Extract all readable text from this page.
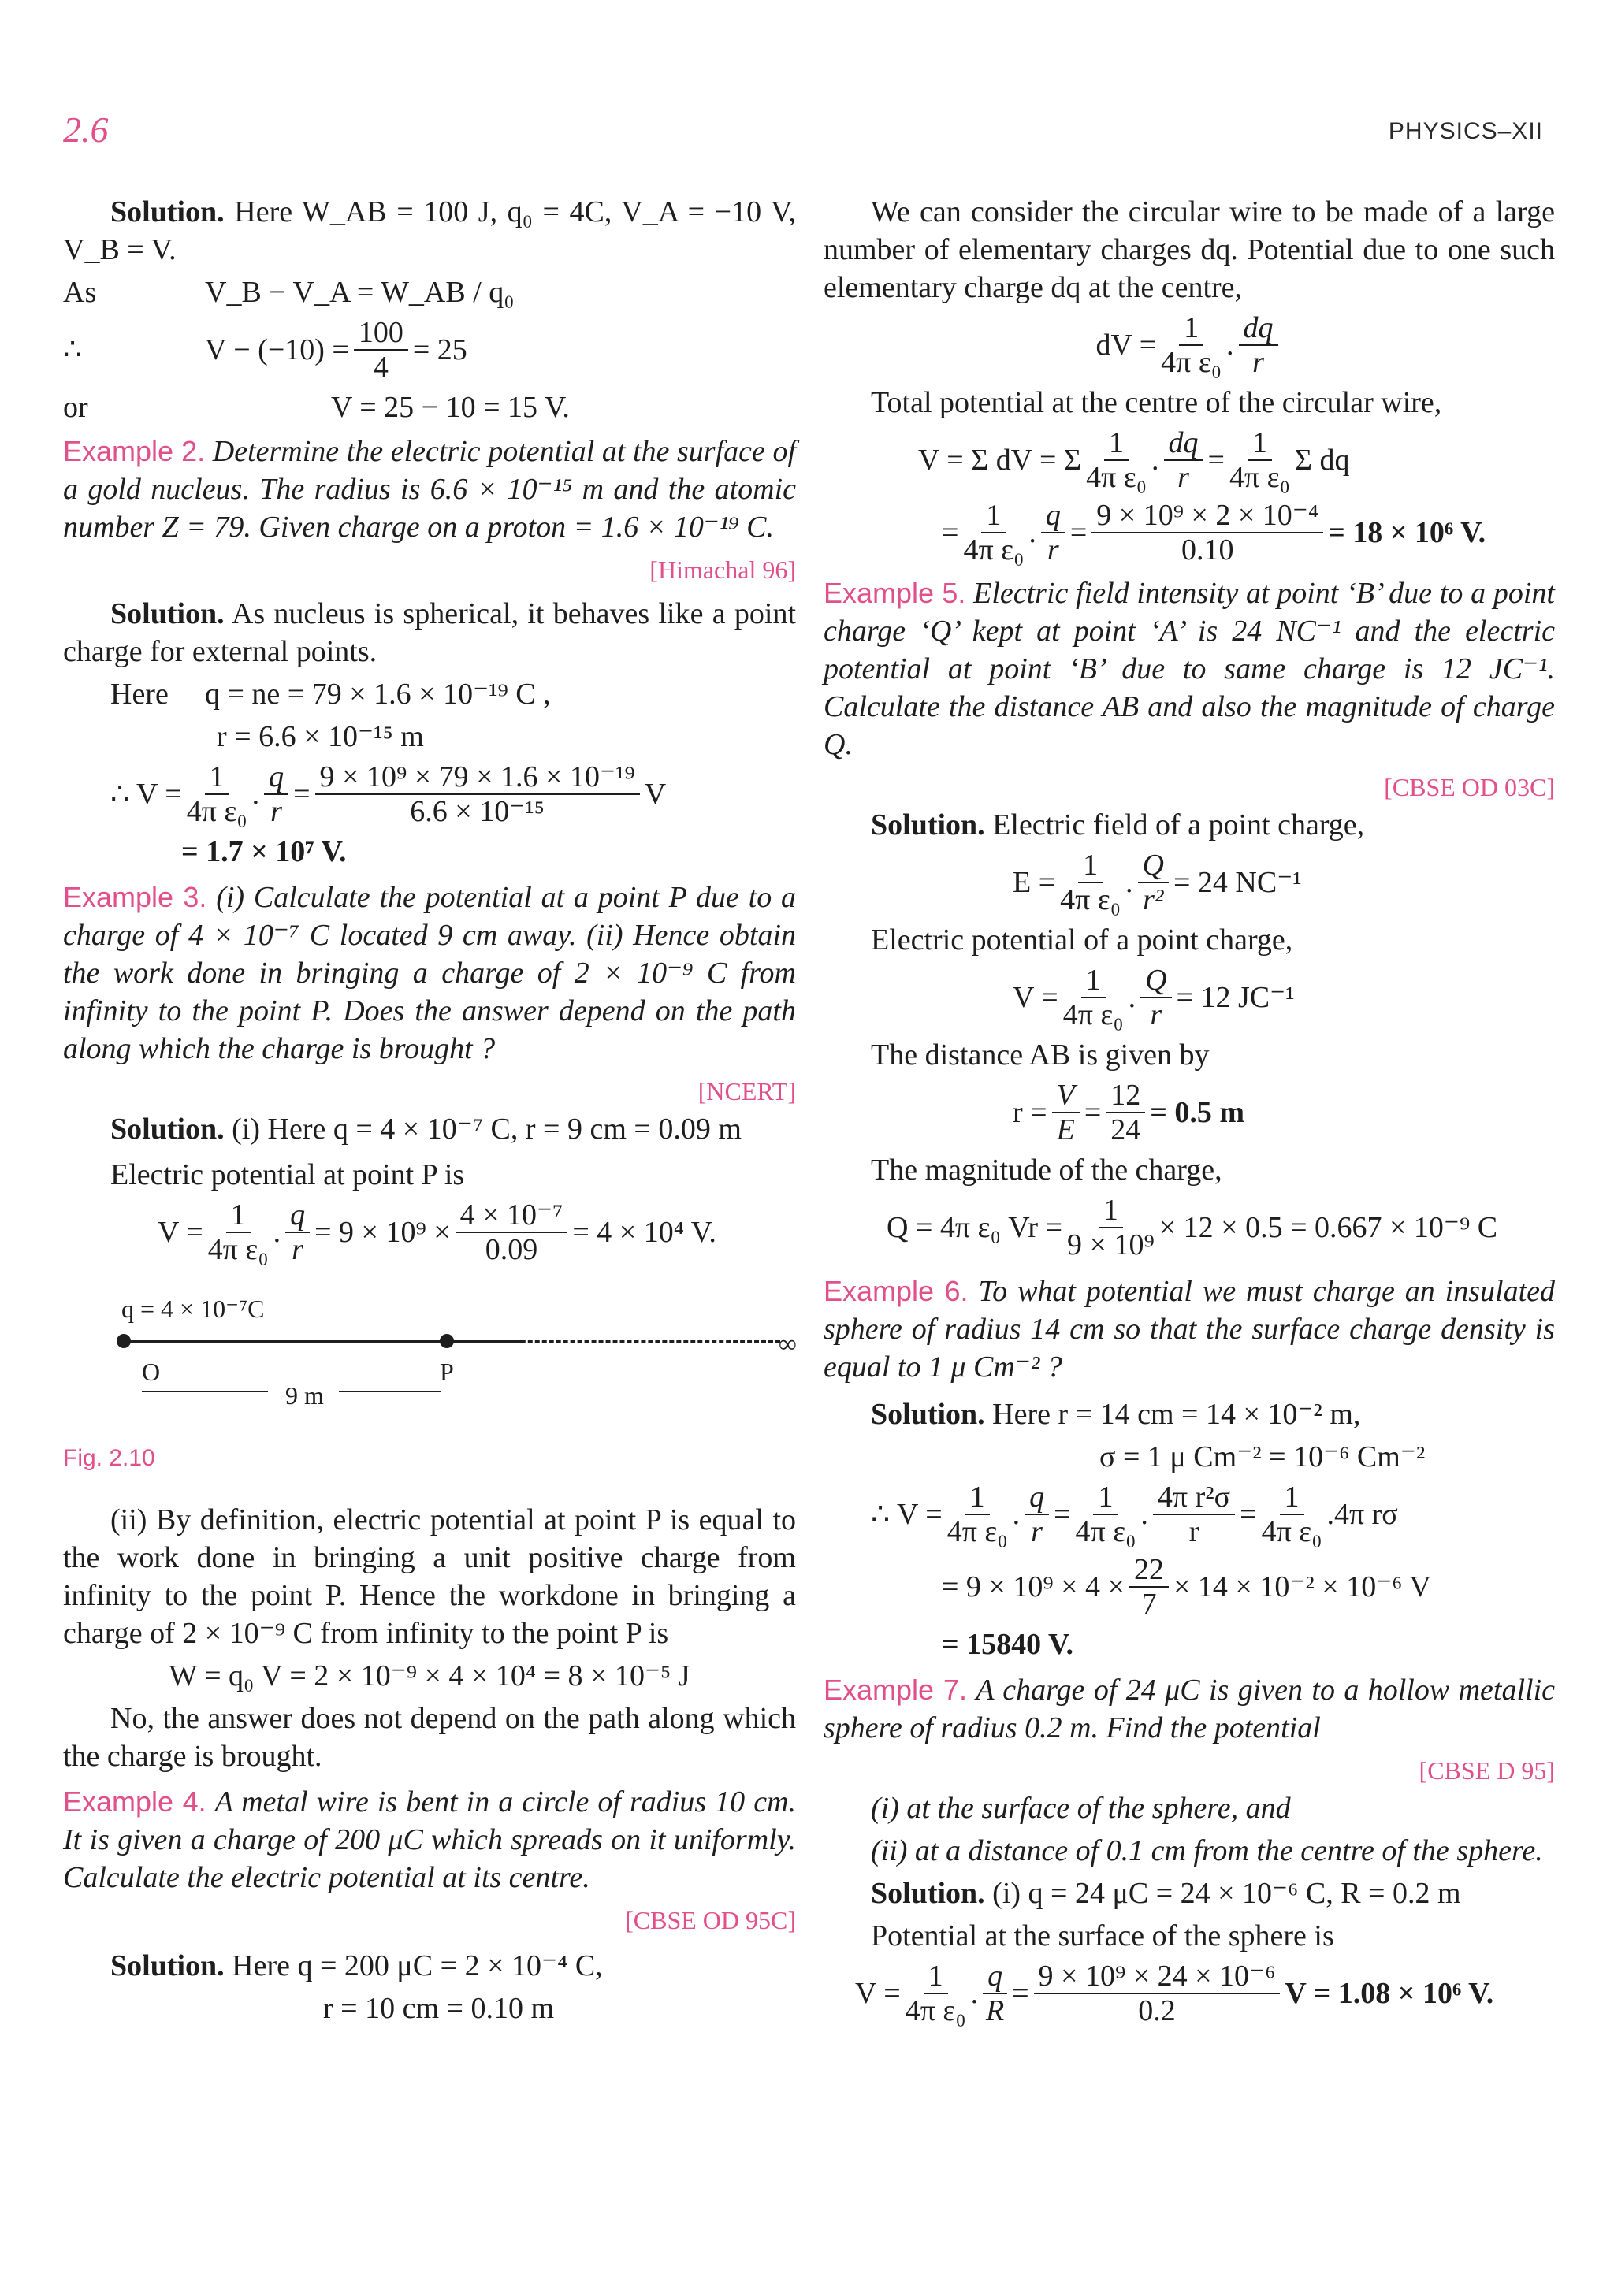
2.6	PHYSICS–XII

Solution. Here W_AB = 100 J, q₀ = 4C, V_A = −10 V, V_B = V.

As	V_B − V_A = W_AB / q₀
∴	$V - (-10) = \frac{100}{4} = 25$
or	V = 25 − 10 = 15 V.

Example 2. Determine the electric potential at the surface of a gold nucleus. The radius is 6.6 × 10⁻¹⁵ m and the atomic number Z = 79. Given charge on a proton = 1.6 × 10⁻¹⁹ C.

[Himachal 96]

Solution. As nucleus is spherical, it behaves like a point charge for external points.

Here	q = ne = 79 × 1.6 × 10⁻¹⁹ C ,
r = 6.6 × 10⁻¹⁵ m
∴ $V = \frac{1}{\text{4π ε₀}}$ . $\frac{q}{r} = \frac{\text{9 × 10⁹ × 79 × 1.6 × 10⁻¹⁹}}{\text{6.6 × 10⁻¹⁵}}$ V
= 1.7 × 10⁷ V.

Example 3. (i) Calculate the potential at a point P due to a charge of 4 × 10⁻⁷ C located 9 cm away. (ii) Hence obtain the work done in bringing a charge of 2 × 10⁻⁹ C from infinity to the point P. Does the answer depend on the path along which the charge is brought ?

[NCERT]

Solution. (i) Here q = 4 × 10⁻⁷ C, r = 9 cm = 0.09 m

Electric potential at point P is

$V = \frac{1}{\text{4π ε₀}}$ . $\frac{q}{r} = 9 \times 10^9 \times \frac{\text{4 × 10⁻⁷}}{0.09} = 4 \times 10^4$ V.
q = 4 × 10⁻⁷C
∞
O	P
9 m
Fig. 2.10

(ii) By definition, electric potential at point P is equal to the work done in bringing a unit positive charge from infinity to the point P. Hence the workdone in bringing a charge of 2 × 10⁻⁹ C from infinity to the point P is

W = q₀ V = 2 × 10⁻⁹ × 4 × 10⁴ = 8 × 10⁻⁵ J

No, the answer does not depend on the path along which the charge is brought.

Example 4. A metal wire is bent in a circle of radius 10 cm. It is given a charge of 200 μC which spreads on it uniformly. Calculate the electric potential at its centre.

[CBSE OD 95C]

Solution. Here q = 200 μC = 2 × 10⁻⁴ C,

r = 10 cm = 0.10 m

We can consider the circular wire to be made of a large number of elementary charges dq. Potential due to one such elementary charge dq at the centre,

dV = $\frac{1}{\text{4π ε₀}}$ . $\frac{dq}{r}$

Total potential at the centre of the circular wire,

V = Σ dV = Σ $\frac{1}{\text{4π ε₀}}$ . $\frac{dq}{r} = \frac{1}{\text{4π ε₀}}$ Σ dq
= $\frac{1}{\text{4π ε₀}}$ . $\frac{q}{r} = \frac{\text{9 × 10⁹ × 2 × 10⁻⁴}}{0.10} = 18 \times 10^6$ V.

Example 5. Electric field intensity at point ‘B’ due to a point charge ‘Q’ kept at point ‘A’ is 24 NC⁻¹ and the electric potential at point ‘B’ due to same charge is 12 JC⁻¹. Calculate the distance AB and also the magnitude of charge Q.

[CBSE OD 03C]

Solution. Electric field of a point charge,

$E = \frac{1}{\text{4π ε₀}}$ . $\frac{Q}{\text{r²}} = 24$ NC⁻¹

Electric potential of a point charge,

$V = \frac{1}{\text{4π ε₀}}$ . $\frac{Q}{r} = 12$ JC⁻¹

The distance AB is given by

$r = \frac{V}{E} = \frac{12}{24} = 0.5$ m

The magnitude of the charge,

Q = 4π ε₀ $Vr = \frac{1}{\text{9 × 10⁹}} \times 12 \times 0.5 = 0.667 \times 10^{-9}$ C

Example 6. To what potential we must charge an insulated sphere of radius 14 cm so that the surface charge density is equal to 1 μ Cm⁻² ?

Solution. Here r = 14 cm = 14 × 10⁻² m,

σ = 1 μ Cm⁻² = 10⁻⁶ Cm⁻²
∴ $V = \frac{1}{\text{4π ε₀}}$ . $\frac{q}{r} = \frac{1}{\text{4π ε₀}}$ . $\frac{\text{4π r²σ}}{r} = \frac{1}{\text{4π ε₀}} .4\pi$ rσ
= $9 \times 10^9 \times 4 \times \frac{22}{7} \times 14 \times 10^{-2} \times 10^{-6}$ V
= 15840 V.

Example 7. A charge of 24 μC is given to a hollow metallic sphere of radius 0.2 m. Find the potential

[CBSE D 95]

(i) at the surface of the sphere, and

(ii) at a distance of 0.1 cm from the centre of the sphere.

Solution. (i) q = 24 μC = 24 × 10⁻⁶ C, R = 0.2 m

Potential at the surface of the sphere is

$V = \frac{1}{\text{4π ε₀}}$ . $\frac{q}{R} = \frac{\text{9 × 10⁹ × 24 × 10⁻⁶}}{0.2}$ V = 1.08 × 10⁶ V.
